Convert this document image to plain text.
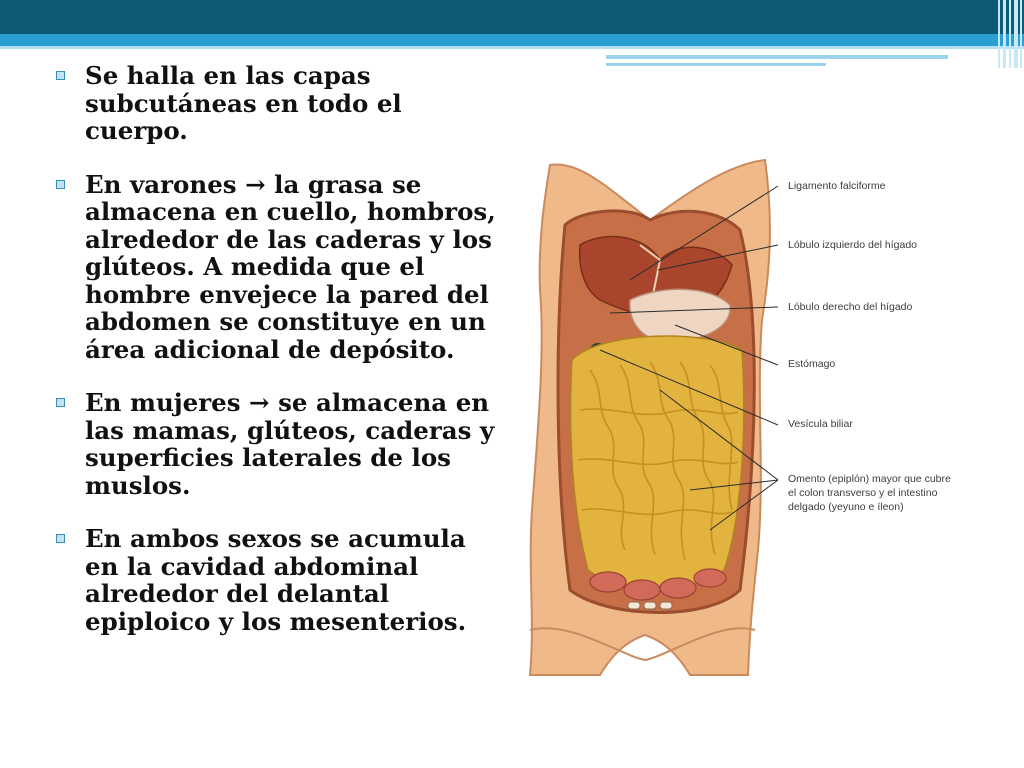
Se halla en las capas subcutáneas en todo el cuerpo.
En varones → la grasa se almacena en cuello, hombros, alrededor de las caderas y los glúteos. A medida que el hombre envejece la pared del abdomen se constituye en un área adicional de depósito.
En mujeres → se almacena en las mamas, glúteos, caderas y superficies laterales de los muslos.
En ambos sexos se acumula en la cavidad abdominal alrededor del delantal epiploico y los mesenterios.
Ligamento falciforme
Lóbulo izquierdo del hígado
Lóbulo derecho del hígado
Estómago
Vesícula biliar
Omento (epiplón) mayor que cubre el colon transverso y el intestino delgado (yeyuno e íleon)
